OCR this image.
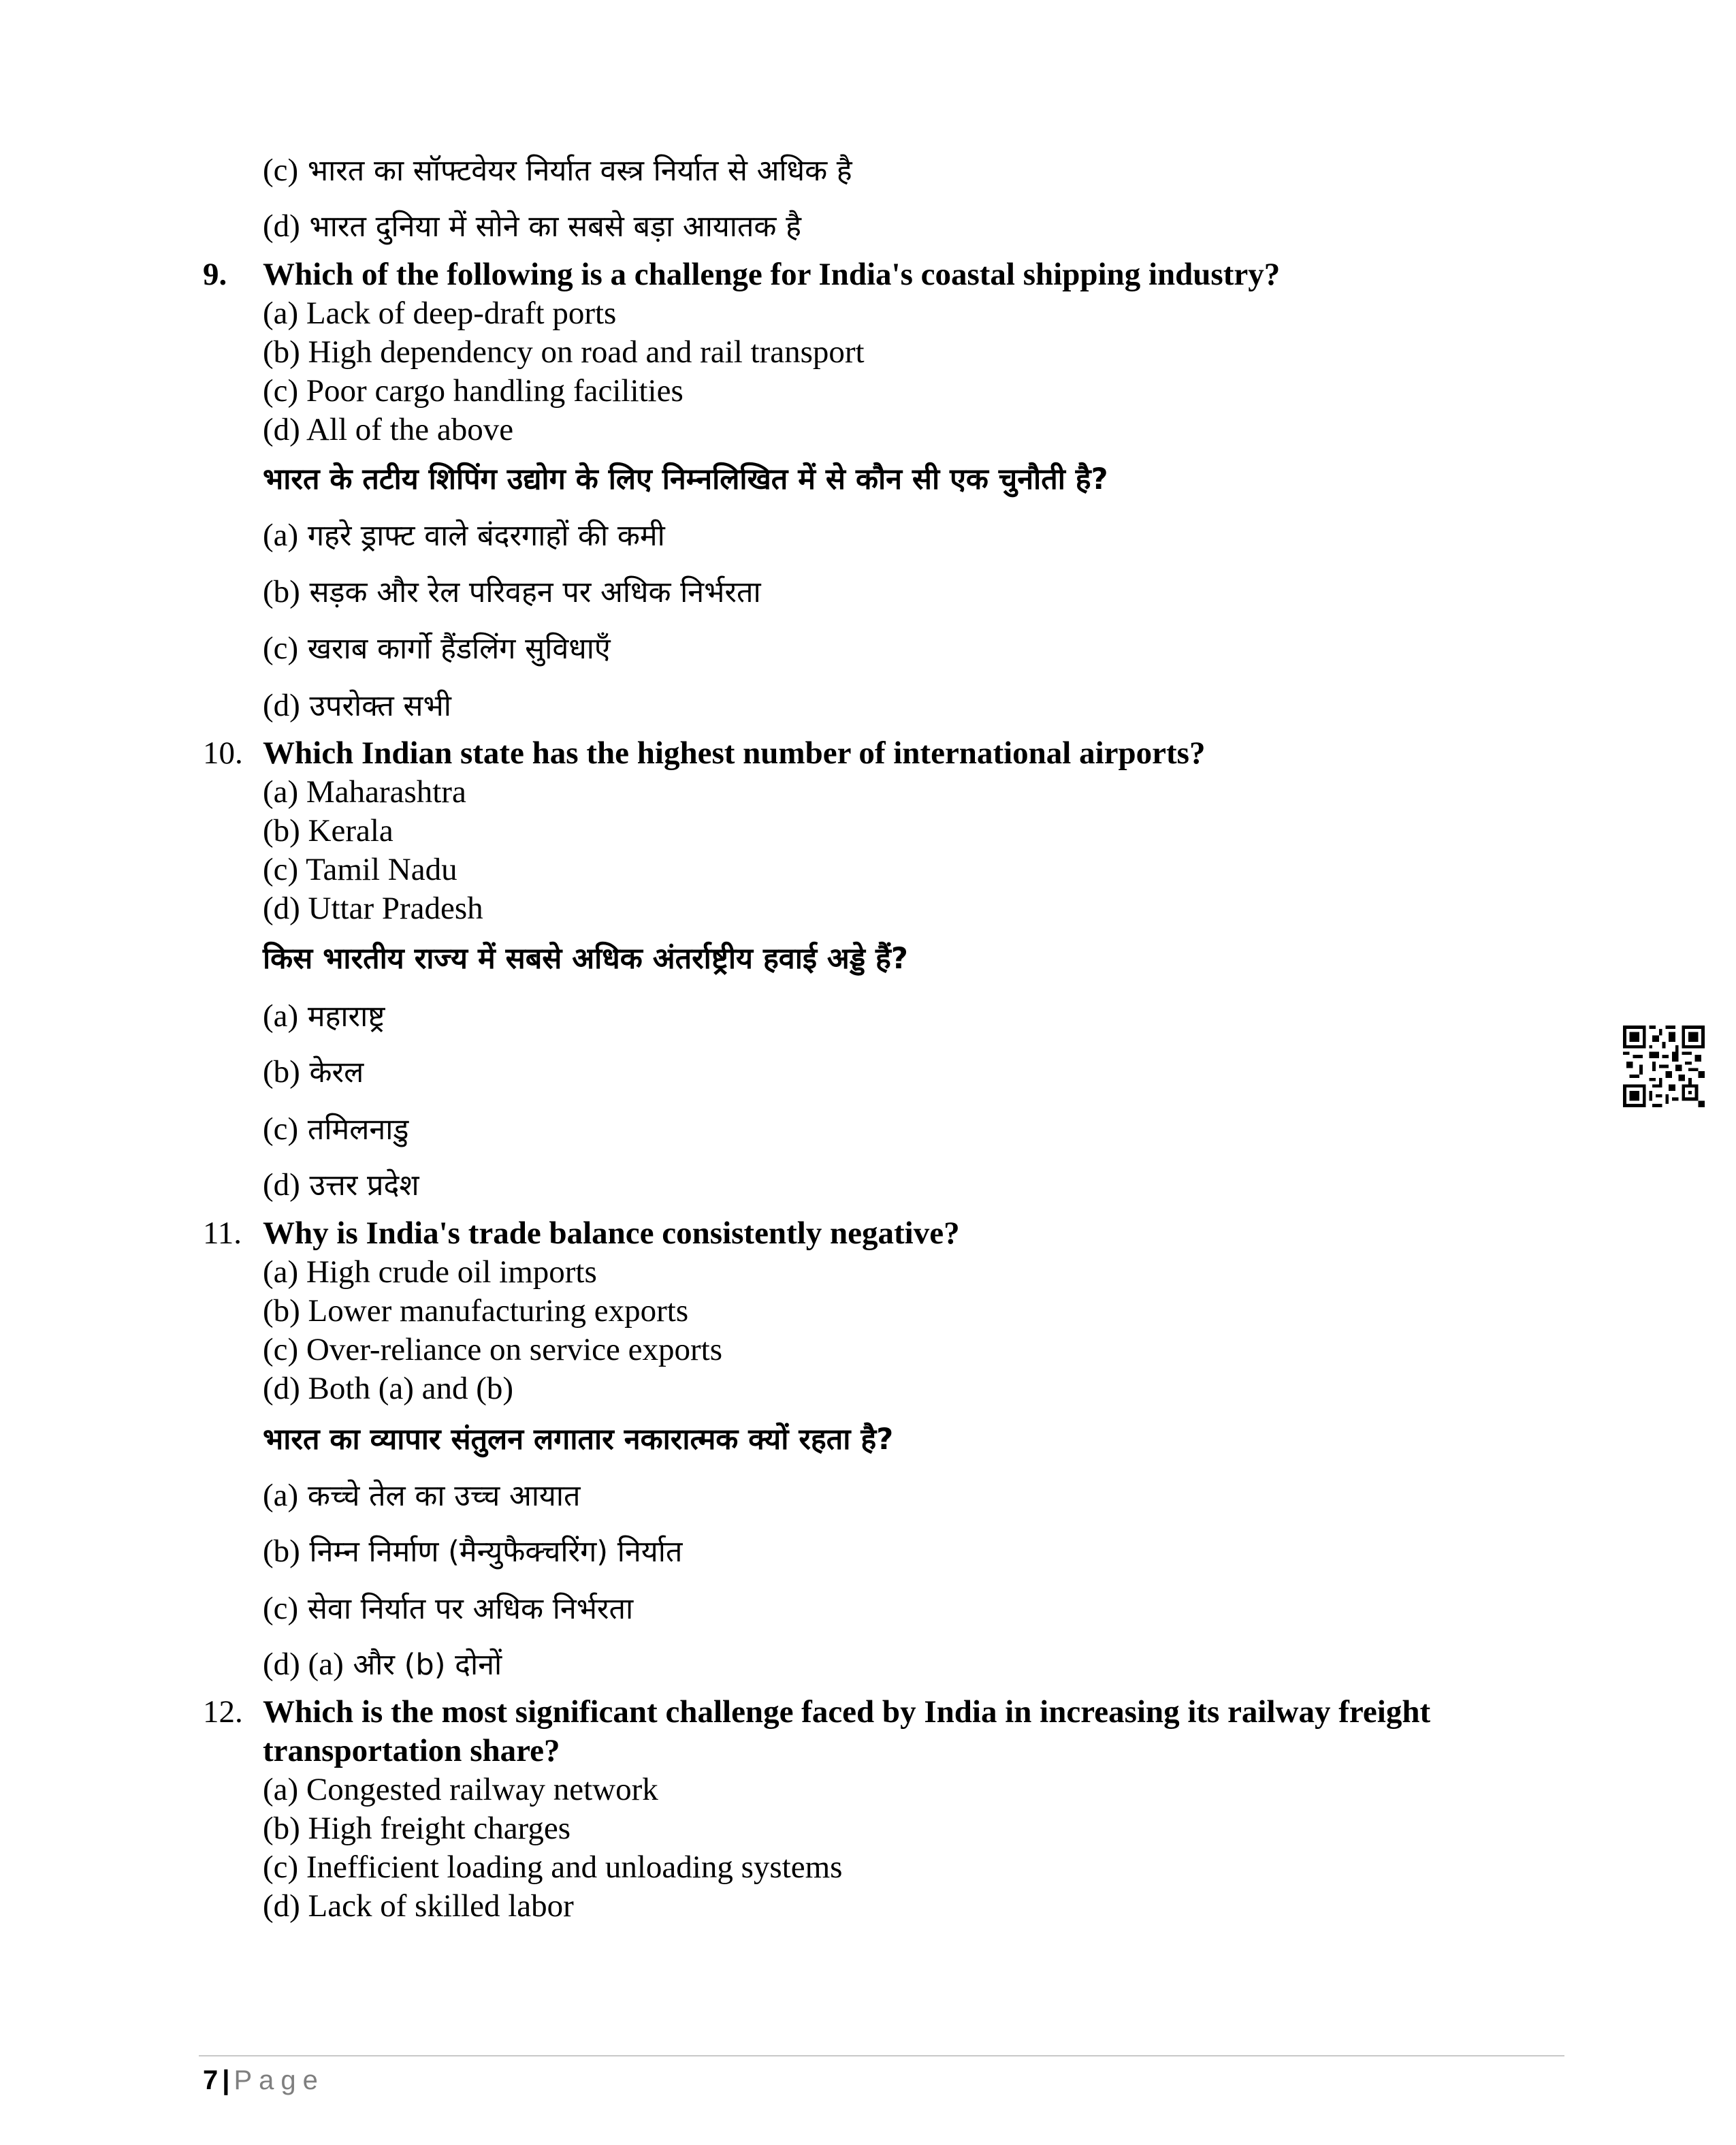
(c) भारत का सॉफ्टवेयर निर्यात वस्त्र निर्यात से अधिक है
(d) भारत दुनिया में सोने का सबसे बड़ा आयातक है
9. Which of the following is a challenge for India's coastal shipping industry?
(a) Lack of deep-draft ports
(b) High dependency on road and rail transport
(c) Poor cargo handling facilities
(d) All of the above
भारत के तटीय शिपिंग उद्योग के लिए निम्नलिखित में से कौन सी एक चुनौती है?
(a) गहरे ड्राफ्ट वाले बंदरगाहों की कमी
(b) सड़क और रेल परिवहन पर अधिक निर्भरता
(c) खराब कार्गो हैंडलिंग सुविधाएँ
(d) उपरोक्त सभी
10. Which Indian state has the highest number of international airports?
(a) Maharashtra
(b) Kerala
(c) Tamil Nadu
(d) Uttar Pradesh
किस भारतीय राज्य में सबसे अधिक अंतर्राष्ट्रीय हवाई अड्डे हैं?
(a) महाराष्ट्र
(b) केरल
(c) तमिलनाडु
(d) उत्तर प्रदेश
11. Why is India's trade balance consistently negative?
(a) High crude oil imports
(b) Lower manufacturing exports
(c) Over-reliance on service exports
(d) Both (a) and (b)
भारत का व्यापार संतुलन लगातार नकारात्मक क्यों रहता है?
(a) कच्चे तेल का उच्च आयात
(b) निम्न निर्माण (मैन्युफैक्चरिंग) निर्यात
(c) सेवा निर्यात पर अधिक निर्भरता
(d) (a) और (b) दोनों
12. Which is the most significant challenge faced by India in increasing its railway freight
transportation share?
(a) Congested railway network
(b) High freight charges
(c) Inefficient loading and unloading systems
(d) Lack of skilled labor
7 | Page
